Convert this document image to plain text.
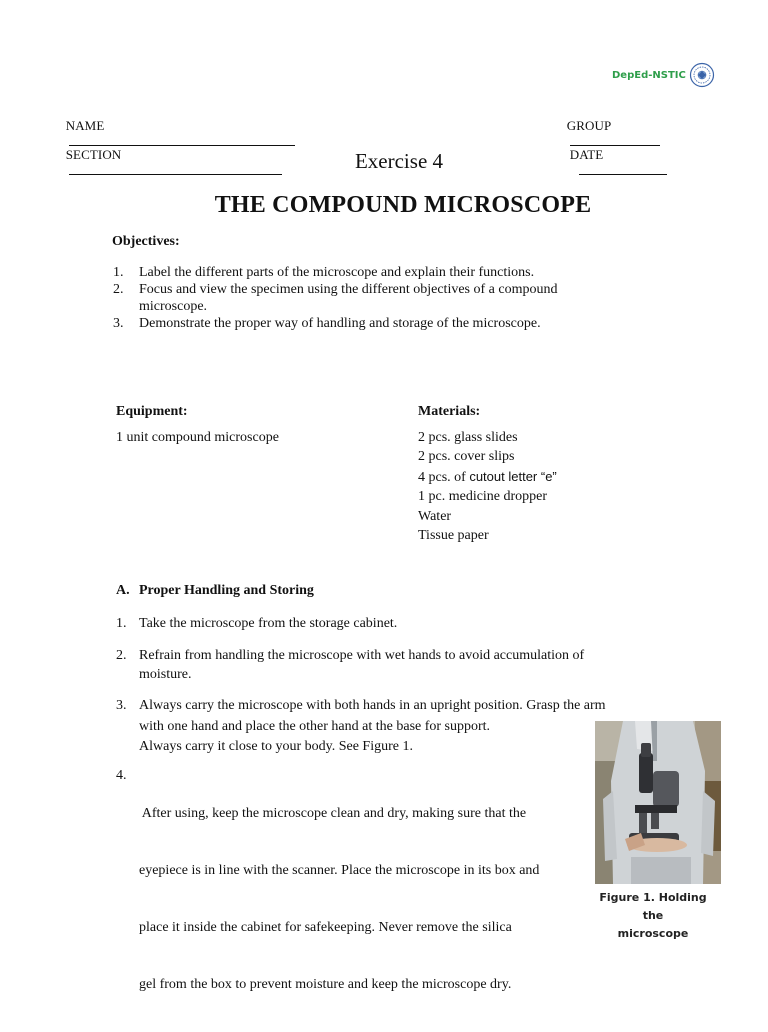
DepEd-NSTIC

NAME
	GROUP

SECTION
	DATE

Exercise 4
THE COMPOUND MICROSCOPE
Objectives:
1.	Label the different parts of the microscope and explain their functions.
2.	Focus and view the specimen using the different objectives of a compound microscope.
3.	Demonstrate the proper way of handling and storage of the microscope.
Equipment:
1 unit compound microscope
Materials:
2 pcs. glass slides
2 pcs. cover slips
4 pcs. of cutout letter “e”
1 pc. medicine dropper
Water
Tissue paper
A. Proper Handling and Storing
1. Take the microscope from the storage cabinet.
2. Refrain from handling the microscope with wet hands to avoid accumulation of
moisture.
3. Always carry the microscope with both hands in an upright position. Grasp the arm
with one hand and place the other hand at the base for support.
Always carry it close to your body. See Figure 1.
4.

After using, keep the microscope clean and dry, making sure that the

eyepiece is in line with the scanner. Place the microscope in its box and

place it inside the cabinet for safekeeping. Never remove the silica

gel from the box to prevent moisture and keep the microscope dry.

Figure 1. Holding the
microscope
